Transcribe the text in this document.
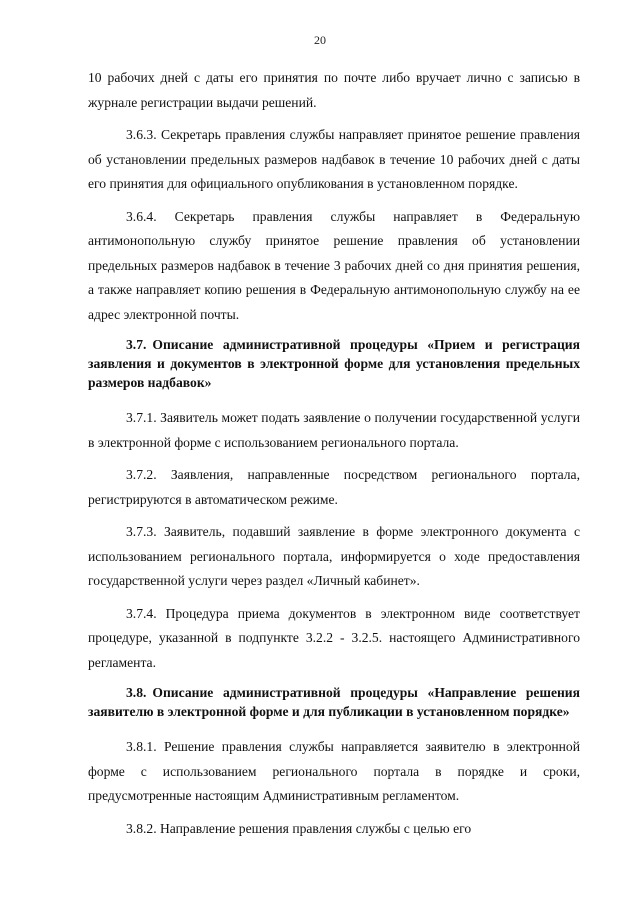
20

10 рабочих дней с даты его принятия по почте либо вручает лично с записью в журнале регистрации выдачи решений.

3.6.3. Секретарь правления службы направляет принятое решение правления об установлении предельных размеров надбавок в течение 10 рабочих дней с даты его принятия для официального опубликования в установленном порядке.

3.6.4. Секретарь правления службы направляет в Федеральную антимонопольную службу принятое решение правления об установлении предельных размеров надбавок в течение 3 рабочих дней со дня принятия решения, а также направляет копию решения в Федеральную антимонопольную службу на ее адрес электронной почты.

3.7. Описание административной процедуры «Прием и регистрация заявления и документов в электронной форме для установления предельных размеров надбавок»

3.7.1. Заявитель может подать заявление о получении государственной услуги в электронной форме с использованием регионального портала.

3.7.2. Заявления, направленные посредством регионального портала, регистрируются в автоматическом режиме.

3.7.3. Заявитель, подавший заявление в форме электронного документа с использованием регионального портала, информируется о ходе предоставления государственной услуги через раздел «Личный кабинет».

3.7.4. Процедура приема документов в электронном виде соответствует процедуре, указанной в подпункте 3.2.2 - 3.2.5. настоящего Административного регламента.

3.8. Описание административной процедуры «Направление решения заявителю в электронной форме и для публикации в установленном порядке»

3.8.1. Решение правления службы направляется заявителю в электронной форме с использованием регионального портала в порядке и сроки, предусмотренные настоящим Административным регламентом.

3.8.2. Направление решения правления службы с целью его
